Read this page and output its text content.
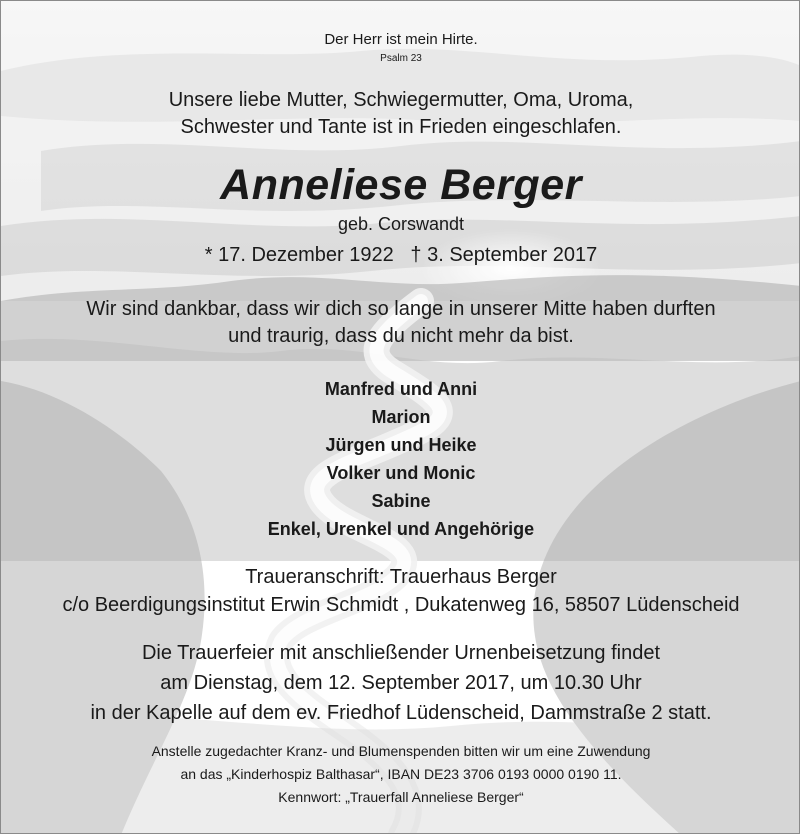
Der Herr ist mein Hirte.
Psalm 23
Unsere liebe Mutter, Schwiegermutter, Oma, Uroma,
Schwester und Tante ist in Frieden eingeschlafen.
Anneliese Berger
geb. Corswandt
* 17. Dezember 1922   † 3. September 2017
Wir sind dankbar, dass wir dich so lange in unserer Mitte haben durften
und traurig, dass du nicht mehr da bist.
Manfred und Anni
Marion
Jürgen und Heike
Volker und Monic
Sabine
Enkel, Urenkel und Angehörige
Traueranschrift: Trauerhaus Berger
c/o Beerdigungsinstitut Erwin Schmidt , Dukatenweg 16, 58507 Lüdenscheid
Die Trauerfeier mit anschließender Urnenbeisetzung findet
am Dienstag, dem 12. September 2017, um 10.30 Uhr
in der Kapelle auf dem ev. Friedhof Lüdenscheid, Dammstraße 2 statt.
Anstelle zugedachter Kranz- und Blumenspenden bitten wir um eine Zuwendung
an das „Kinderhospiz Balthasar“, IBAN DE23 3706 0193 0000 0190 11.
Kennwort: „Trauerfall Anneliese Berger“
